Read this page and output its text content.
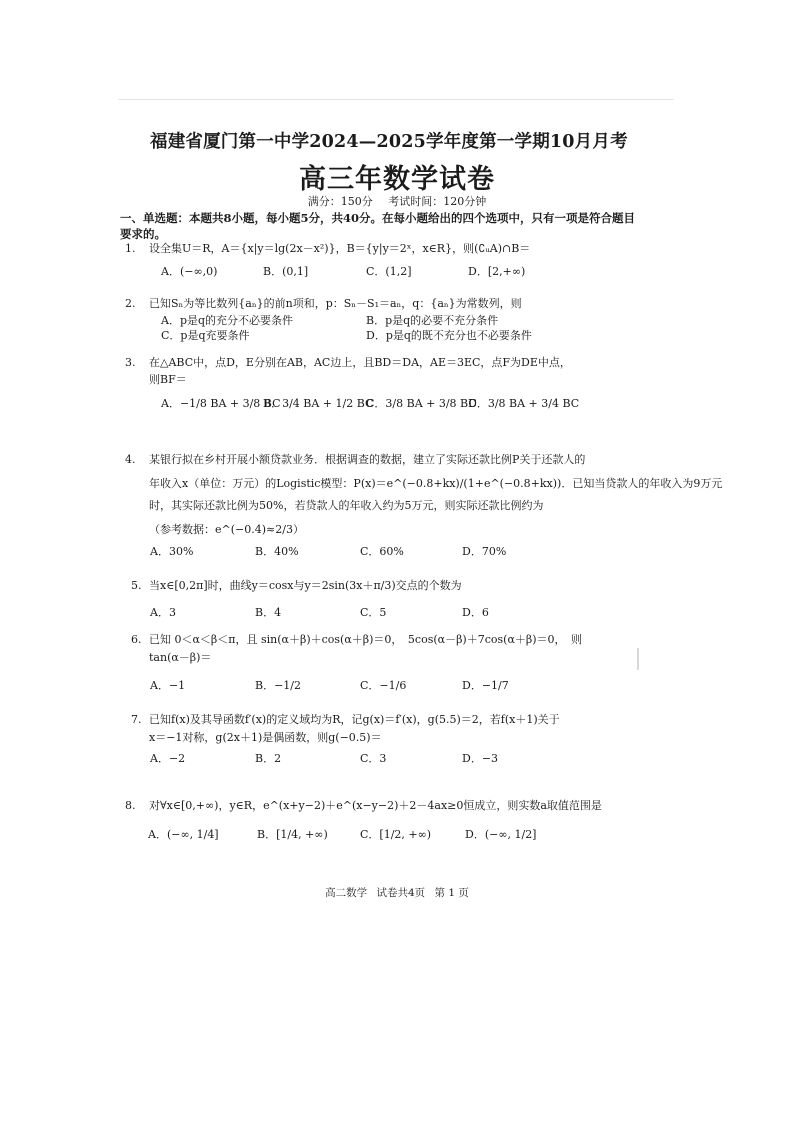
福建省厦门第一中学2024—2025学年度第一学期10月月考
高三年数学试卷
满分：150分 考试时间：120分钟
一、单选题：本题共8小题，每小题5分，共40分。在每小题给出的四个选项中，只有一项是符合题目要求的。
1. 设全集U＝R，A＝{x|y＝lg(2x－x²)}，B＝{y|y＝2ˣ，x∈R}，则(∁ᵤA)∩B＝
A．(−∞,0)	B．(0,1]	C．(1,2]	D．[2,+∞)
2. 已知Sₙ为等比数列{aₙ}的前n项和，p：Sₙ－S₁＝aₙ，q：{aₙ}为常数列，则
A．p是q的充分不必要条件	B．p是q的必要不充分条件
C．p是q充要条件	D．p是q的既不充分也不必要条件
3. 在△ABC中，点D，E分别在AB，AC边上，且BD＝DA，AE＝3EC，点F为DE中点，
则BF＝
A．−1/8 BA + 3/8 BC
B．3/4 BA + 1/2 BC
C．3/8 BA + 3/8 BC
D．3/8 BA + 3/4 BC
4. 某银行拟在乡村开展小额贷款业务．根据调查的数据，建立了实际还款比例P关于还款人的
年收入x（单位：万元）的Logistic模型：P(x)＝e^(−0.8+kx)/(1+e^(−0.8+kx))．已知当贷款人的年收入为9万元
时，其实际还款比例为50%，若贷款人的年收入约为5万元，则实际还款比例约为
（参考数据：e^(−0.4)≈2/3）
A．30%	B．40%	C．60%	D．70%
5. 当x∈[0,2π]时，曲线y＝cosx与y＝2sin(3x＋π/3)交点的个数为
A．3	B．4	C．5	D．6
6. 已知 0＜α＜β＜π，且 sin(α＋β)＋cos(α＋β)＝0，　5cos(α－β)＋7cos(α＋β)＝0，　则
tan(α－β)＝
A．−1	B．−1/2	C．−1/6	D．−1/7
7. 已知f(x)及其导函数f′(x)的定义域均为R，记g(x)＝f′(x)，g(5.5)＝2，若f(x＋1)关于
x＝−1对称，g(2x＋1)是偶函数，则g(−0.5)＝
A．−2	B．2	C．3	D．−3
8. 对∀x∈[0,+∞)，y∈R，e^(x+y−2)＋e^(x−y−2)＋2－4ax≥0恒成立，则实数a取值范围是
A．(−∞, 1/4]	B．[1/4, +∞)	C．[1/2, +∞)	D．(−∞, 1/2]
高二数学 试卷共4页 第 1 页
